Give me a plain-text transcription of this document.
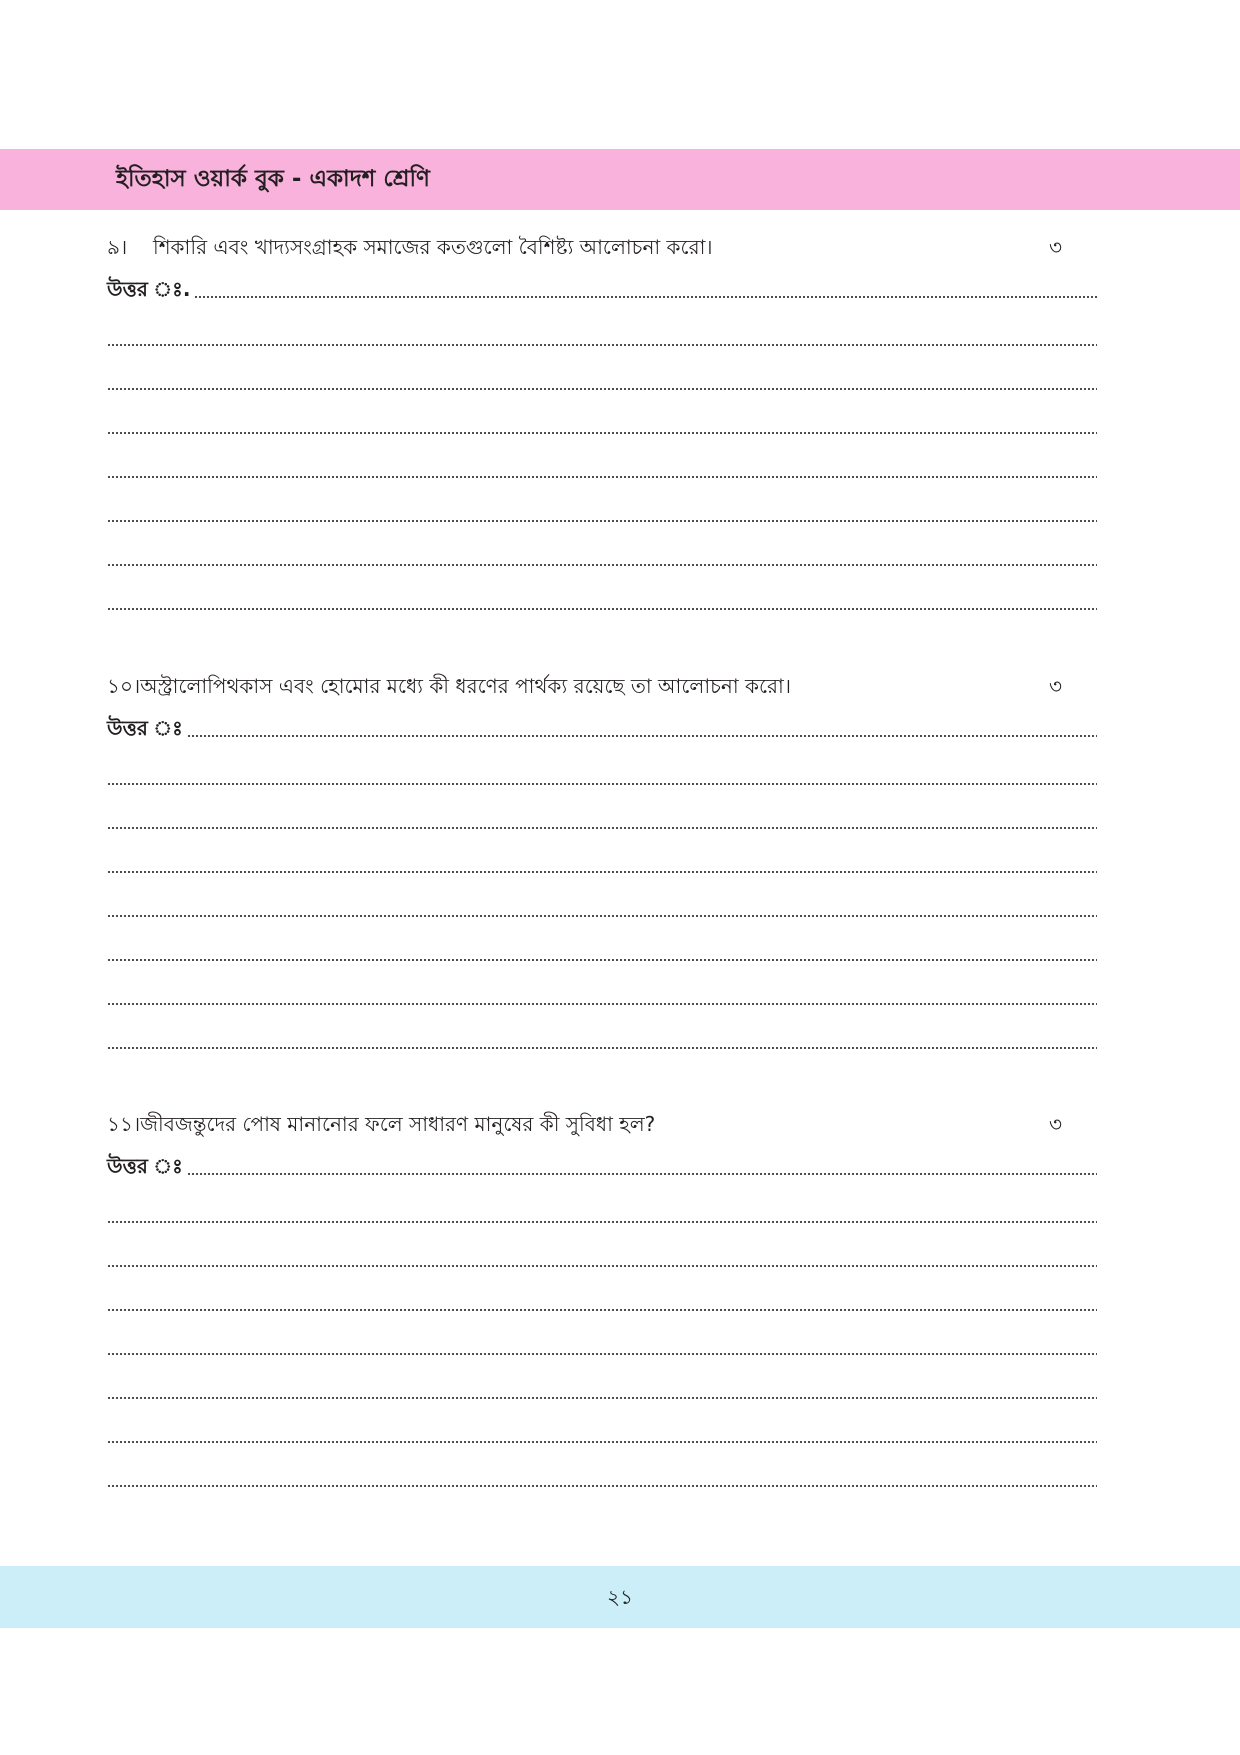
ইতিহাস ওয়ার্ক বুক - একাদশ শ্রেণি
৯। শিকারি এবং খাদ্যসংগ্রাহক সমাজের কতগুলো বৈশিষ্ট্য আলোচনা করো।	৩
উত্তর ঃ.
১০।অস্ট্রালোপিথকাস এবং হোমোর মধ্যে কী ধরণের পার্থক্য রয়েছে তা আলোচনা করো।	৩
উত্তর ঃ
১১।জীবজন্তুদের পোষ মানানোর ফলে সাধারণ মানুষের কী সুবিধা হল?	৩
উত্তর ঃ
২১
